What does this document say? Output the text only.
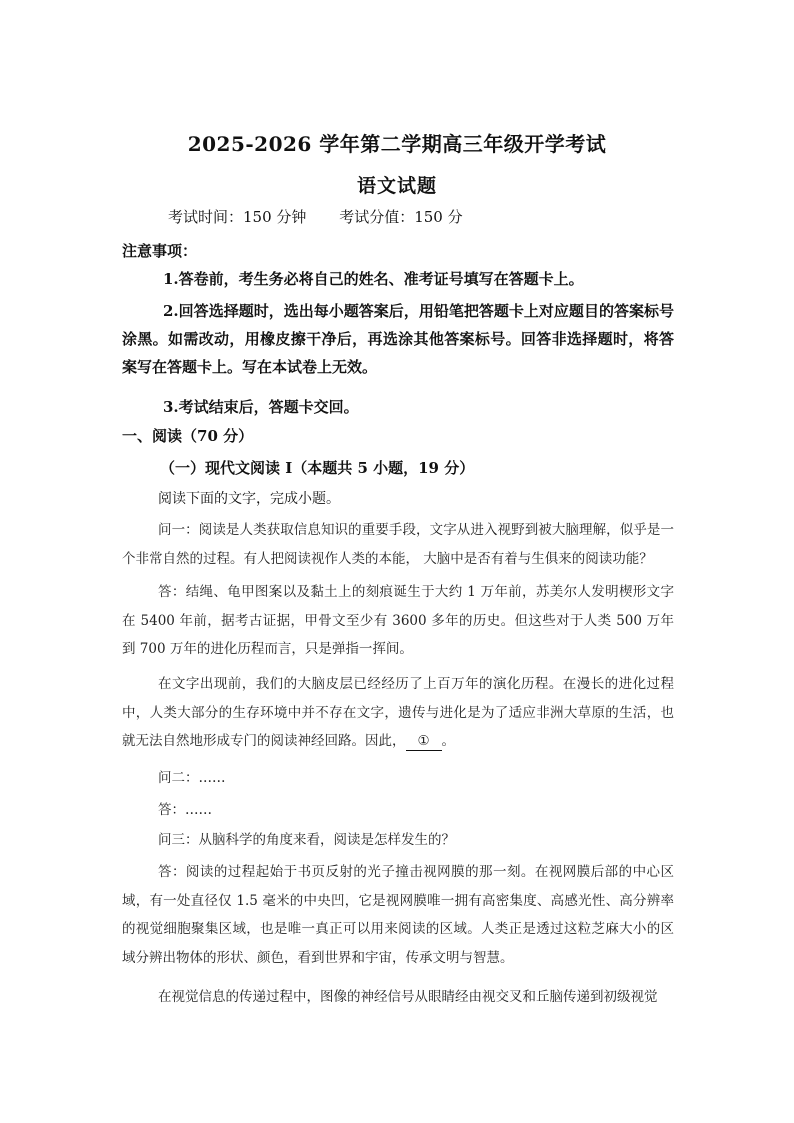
2025-2026 学年第二学期高三年级开学考试
语文试题
考试时间：150 分钟 考试分值：150 分
注意事项：
1.答卷前，考生务必将自己的姓名、准考证号填写在答题卡上。
2.回答选择题时，选出每小题答案后，用铅笔把答题卡上对应题目的答案标号涂黑。如需改动，用橡皮擦干净后，再选涂其他答案标号。回答非选择题时，将答案写在答题卡上。写在本试卷上无效。
3.考试结束后，答题卡交回。
一、阅读（70 分）
（一）现代文阅读 I（本题共 5 小题，19 分）
阅读下面的文字，完成小题。
问一：阅读是人类获取信息知识的重要手段，文字从进入视野到被大脑理解，似乎是一个非常自然的过程。有人把阅读视作人类的本能， 大脑中是否有着与生俱来的阅读功能？
答：结绳、龟甲图案以及黏土上的刻痕诞生于大约 1 万年前，苏美尔人发明楔形文字在 5400 年前，据考古证据，甲骨文至少有 3600 多年的历史。但这些对于人类 500 万年到 700 万年的进化历程而言，只是弹指一挥间。
在文字出现前，我们的大脑皮层已经经历了上百万年的演化历程。在漫长的进化过程中，人类大部分的生存环境中并不存在文字，遗传与进化是为了适应非洲大草原的生活，也就无法自然地形成专门的阅读神经回路。因此， ① 。
问二：……
答：……
问三：从脑科学的角度来看，阅读是怎样发生的？
答：阅读的过程起始于书页反射的光子撞击视网膜的那一刻。在视网膜后部的中心区域，有一处直径仅 1.5 毫米的中央凹，它是视网膜唯一拥有高密集度、高感光性、高分辨率的视觉细胞聚集区域，也是唯一真正可以用来阅读的区域。人类正是透过这粒芝麻大小的区域分辨出物体的形状、颜色，看到世界和宇宙，传承文明与智慧。
在视觉信息的传递过程中，图像的神经信号从眼睛经由视交叉和丘脑传递到初级视觉
